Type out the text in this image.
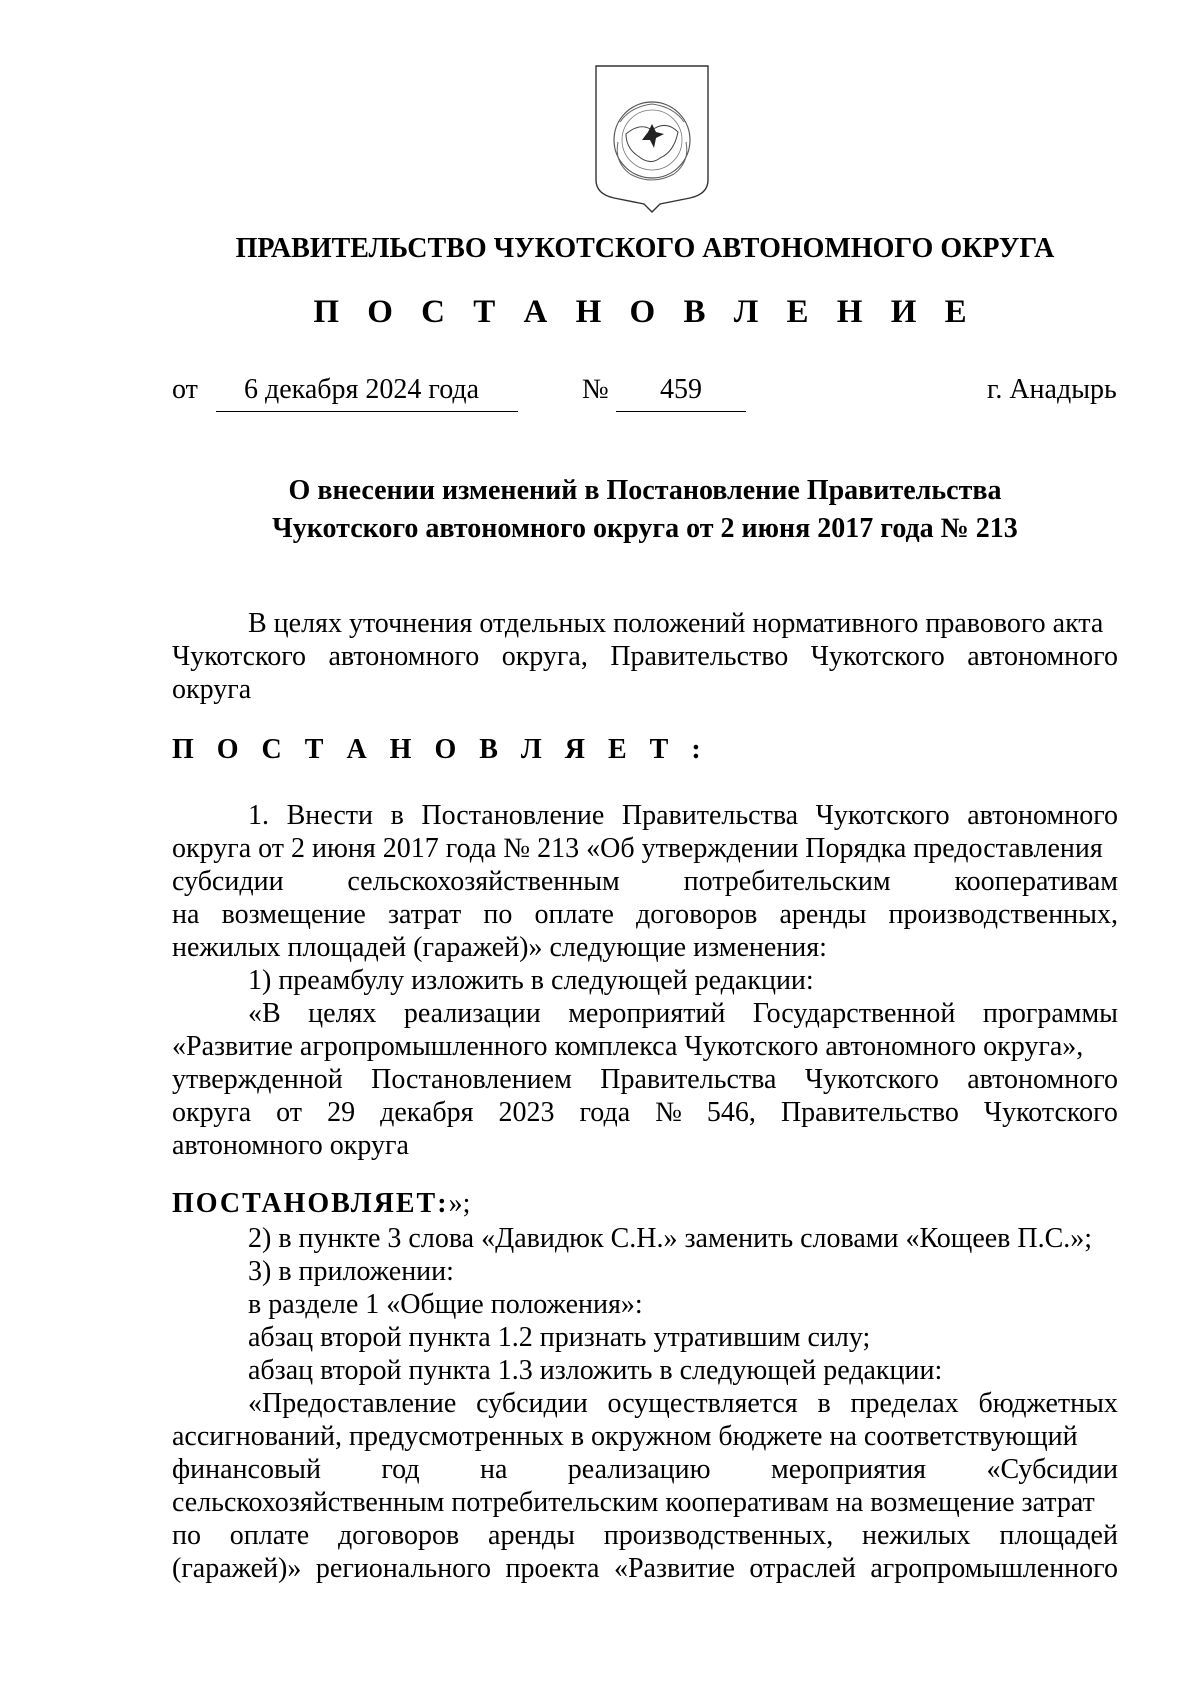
ПРАВИТЕЛЬСТВО ЧУКОТСКОГО АВТОНОМНОГО ОКРУГА
П О С Т А Н О В Л Е Н И Е
от 6 декабря 2024 года	№ 459	г. Анадырь
О внесении изменений в Постановление Правительства
Чукотского автономного округа от 2 июня 2017 года № 213
В целях уточнения отдельных положений нормативного правового акта
Чукотского автономного округа, Правительство Чукотского автономного
округа
П О С Т А Н О В Л Я Е Т :
1. Внести в Постановление Правительства Чукотского автономного
округа от 2 июня 2017 года № 213 «Об утверждении Порядка предоставления
субсидии сельскохозяйственным потребительским кооперативам
на возмещение затрат по оплате договоров аренды производственных,
нежилых площадей (гаражей)» следующие изменения:
1) преамбулу изложить в следующей редакции:
«В целях реализации мероприятий Государственной программы
«Развитие агропромышленного комплекса Чукотского автономного округа»,
утвержденной Постановлением Правительства Чукотского автономного
округа от 29 декабря 2023 года № 546, Правительство Чукотского
автономного округа
ПОСТАНОВЛЯЕТ:»;
2) в пункте 3 слова «Давидюк С.Н.» заменить словами «Кощеев П.С.»;
3) в приложении:
в разделе 1 «Общие положения»:
абзац второй пункта 1.2 признать утратившим силу;
абзац второй пункта 1.3 изложить в следующей редакции:
«Предоставление субсидии осуществляется в пределах бюджетных
ассигнований, предусмотренных в окружном бюджете на соответствующий
финансовый год на реализацию мероприятия «Субсидии
сельскохозяйственным потребительским кооперативам на возмещение затрат
по оплате договоров аренды производственных, нежилых площадей
(гаражей)» регионального проекта «Развитие отраслей агропромышленного
